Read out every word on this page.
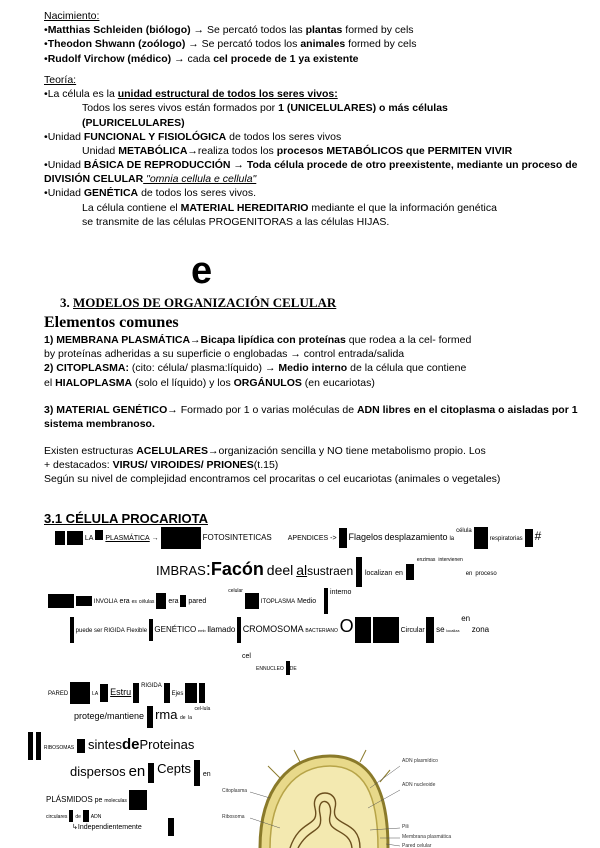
Nacimiento:
•Matthias Schleiden (biólogo) → Se percató todos las plantas formed by cels
•Theodon Shwann (zoólogo) → Se percató todos los animales formed by cels
•Rudolf Virchow (médico) → cada cel procede de 1 ya existente
Teoría:
•La célula es la unidad estructural de todos los seres vivos:
Todos los seres vivos están formados por 1 (UNICELULARES) o más células
(PLURICELULARES)
•Unidad FUNCIONAL Y FISIOLÓGICA de todos los seres vivos
Unidad METABÓLICA→realiza todos los procesos METABÓLICOS que PERMITEN VIVIR
•Unidad BÁSICA DE REPRODUCCIÓN → Toda célula procede de otro preexistente, mediante un proceso de DIVISIÓN CELULAR "omnia cellula e cellula"
•Unidad GENÉTICA de todos los seres vivos.
La célula contiene el MATERIAL HEREDITARIO mediante el que la información genética
se transmite de las células PROGENITORAS a las células HIJAS.
e
3. MODELOS DE ORGANIZACIÓN CELULAR
Elementos comunes
1) MEMBRANA PLASMÁTICA→Bicapa lipídica con proteínas que rodea a la cel- formed
by proteínas adheridas a su superficie o englobadas → control entrada/salida
2) CITOPLASMA: (cito: célula/ plasma:líquido) → Medio interno de la célula que contiene
el HIALOPLASMA (solo el líquido) y los ORGÁNULOS (en eucariotas)
3) MATERIAL GENÉTICO→ Formado por 1 o varias moléculas de ADN libres en el citoplasma o aisladas por 1 sistema membranoso.
Existen estructuras ACELULARES→organización sencilla y NO tiene metabolismo propio. Los
+ destacados: VIRUS/ VIROIDES/ PRIONES(t.15)
Según su nivel de complejidad encontramos cel procaritas o cel eucariotas (animales o vegetales)
3.1 CÉLULA PROCARIOTA
LA PLASMÁTICA →	FOTOSINTETICAS APENDICES ->  Flagelos desplazamiento la célula  respiratorias #
IMBRAS:Facón deel alsustraen localizan en  enzimas intervienen en proceso
INVOLIA era es células era pared celular  ITOPLASMA Medio  interno
puede ser RIGIDA Flexible GENÉTICO emb llamado CROMOSOMA BACTERIANO O	Circular se localiza en zona
cel
ENNUCLEO DE
PARED	LA Estru  RIGIDA  Ejes
protege/mantiene rma de la cel-lula
RIBOSOMAS sintesdeProteinas
dispersos en Cepts en
PLÁSMIDOS pe moleculas
circulares de ADN
↳Independientemente
ADN plasmídico
ADN nucleoide
Citoplasma
Ribosoma
Pili
Membrana plasmática
Pared celular
